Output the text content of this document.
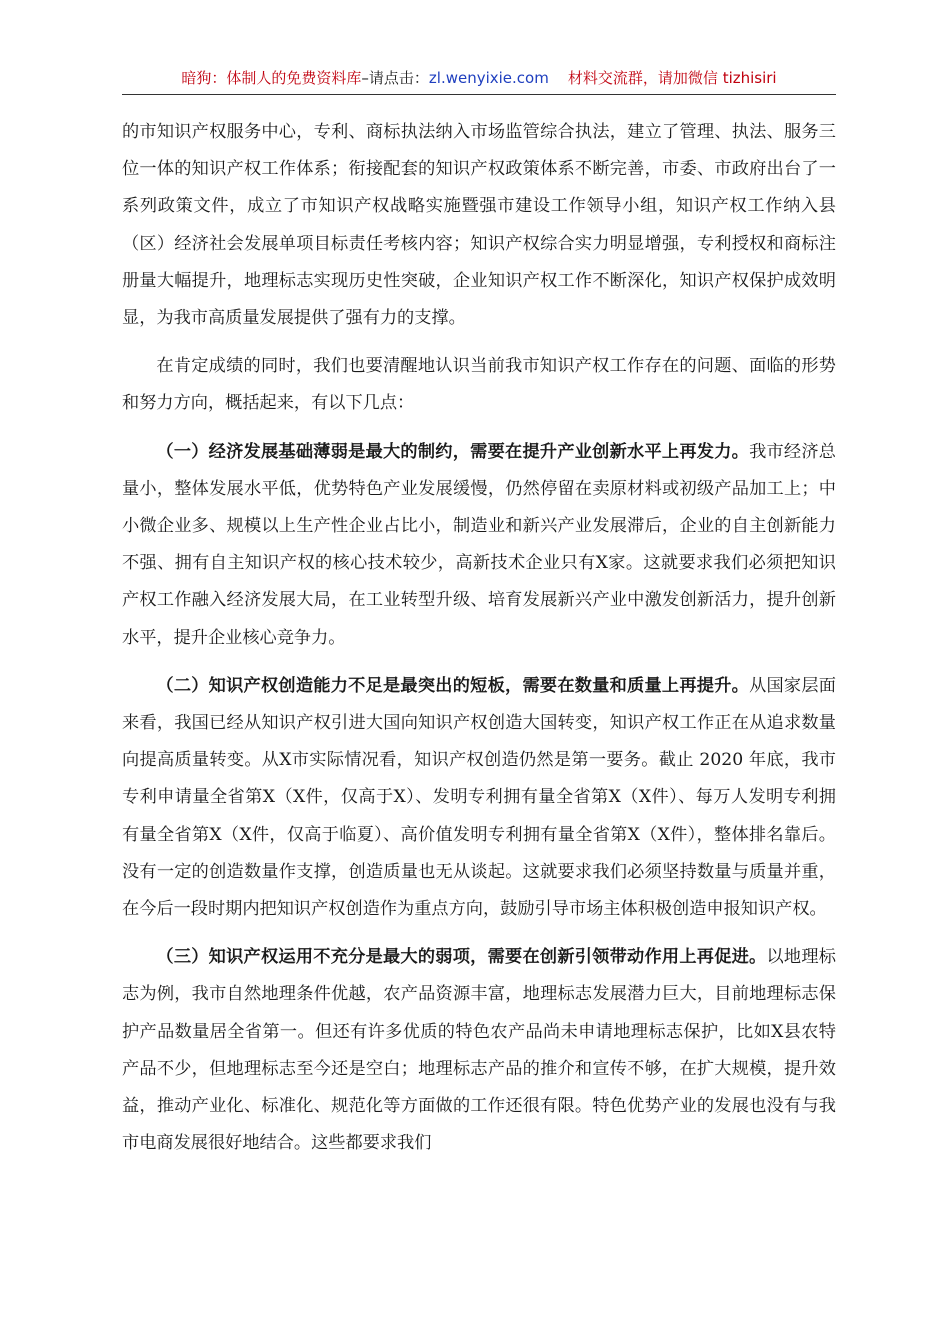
暗狗：体制人的免费资料库–请点击：zl.wenyixie.com 材料交流群，请加微信 tizhisiri

的市知识产权服务中心，专利、商标执法纳入市场监管综合执法，建立了管理、执法、服务三位一体的知识产权工作体系；衔接配套的知识产权政策体系不断完善，市委、市政府出台了一系列政策文件，成立了市知识产权战略实施暨强市建设工作领导小组，知识产权工作纳入县（区）经济社会发展单项目标责任考核内容；知识产权综合实力明显增强，专利授权和商标注册量大幅提升，地理标志实现历史性突破，企业知识产权工作不断深化，知识产权保护成效明显，为我市高质量发展提供了强有力的支撑。

在肯定成绩的同时，我们也要清醒地认识当前我市知识产权工作存在的问题、面临的形势和努力方向，概括起来，有以下几点：

（一）经济发展基础薄弱是最大的制约，需要在提升产业创新水平上再发力。我市经济总量小，整体发展水平低，优势特色产业发展缓慢，仍然停留在卖原材料或初级产品加工上；中小微企业多、规模以上生产性企业占比小，制造业和新兴产业发展滞后，企业的自主创新能力不强、拥有自主知识产权的核心技术较少，高新技术企业只有X家。这就要求我们必须把知识产权工作融入经济发展大局，在工业转型升级、培育发展新兴产业中激发创新活力，提升创新水平，提升企业核心竞争力。

（二）知识产权创造能力不足是最突出的短板，需要在数量和质量上再提升。从国家层面来看，我国已经从知识产权引进大国向知识产权创造大国转变，知识产权工作正在从追求数量向提高质量转变。从X市实际情况看，知识产权创造仍然是第一要务。截止 2020 年底，我市专利申请量全省第X（X件，仅高于X）、发明专利拥有量全省第X（X件）、每万人发明专利拥有量全省第X（X件，仅高于临夏）、高价值发明专利拥有量全省第X（X件），整体排名靠后。没有一定的创造数量作支撑，创造质量也无从谈起。这就要求我们必须坚持数量与质量并重，在今后一段时期内把知识产权创造作为重点方向，鼓励引导市场主体积极创造申报知识产权。

（三）知识产权运用不充分是最大的弱项，需要在创新引领带动作用上再促进。以地理标志为例，我市自然地理条件优越，农产品资源丰富，地理标志发展潜力巨大，目前地理标志保护产品数量居全省第一。但还有许多优质的特色农产品尚未申请地理标志保护，比如X县农特产品不少，但地理标志至今还是空白；地理标志产品的推介和宣传不够，在扩大规模，提升效益，推动产业化、标准化、规范化等方面做的工作还很有限。特色优势产业的发展也没有与我市电商发展很好地结合。这些都要求我们
